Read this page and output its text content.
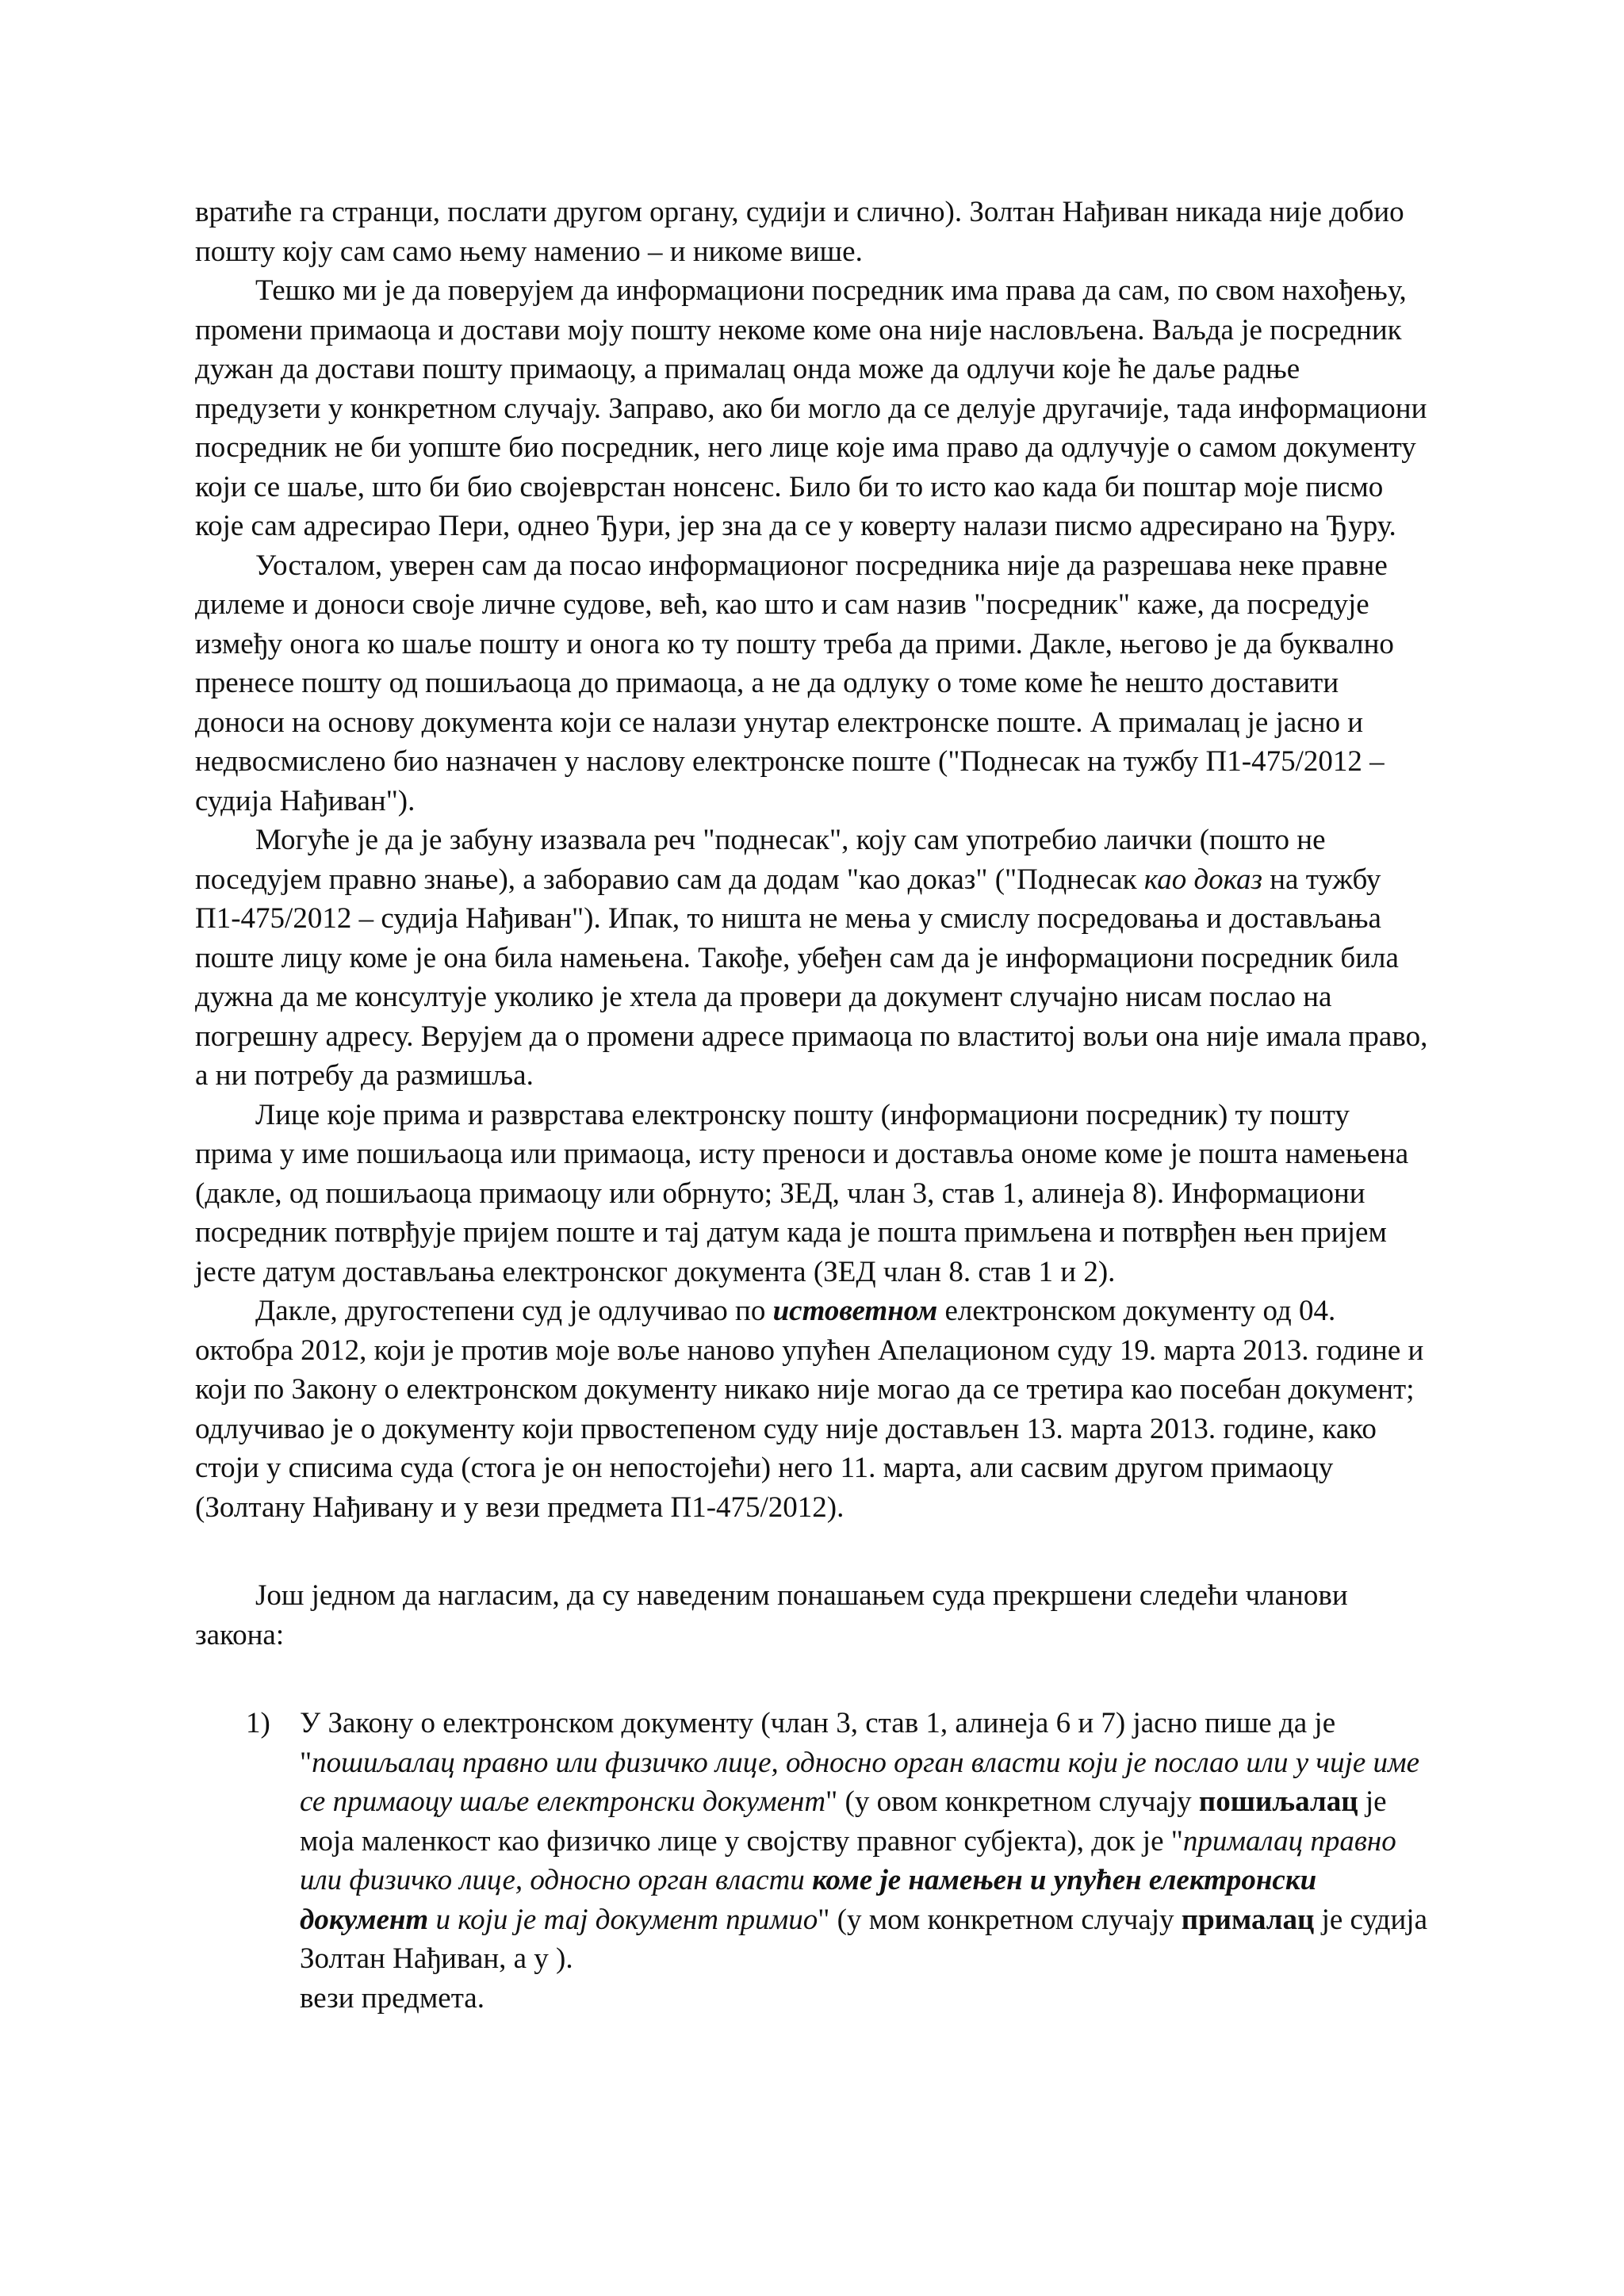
вратиће га странци, послати другом органу, судији и слично). Золтан Нађиван никада није добио пошту коју сам само њему наменио – и никоме више.

Тешко ми је да поверујем да информациони посредник има права да сам, по свом нахођењу, промени примаоца и достави моју пошту некоме коме она није насловљена. Ваљда је посредник дужан да достави пошту примаоцу, а прималац онда може да одлучи које ће даље радње предузети у конкретном случају. Заправо, ако би могло да се делује другачије, тада информациони посредник не би уопште био посредник, него лице које има право да одлучује о самом документу који се шаље, што би био својеврстан нонсенс. Било би то исто као када би поштар моје писмо које сам адресирао Пери, однео Ђури, јер зна да се у коверту налази писмо адресирано на Ђуру.

Уосталом, уверен сам да посао информационог посредника није да разрешава неке правне дилеме и доноси своје личне судове, већ, као што и сам назив "посредник" каже, да посредује између онога ко шаље пошту и онога ко ту пошту треба да прими. Дакле, његово је да буквално пренесе пошту од пошиљаоца до примаоца, а не да одлуку о томе коме ће нешто доставити доноси на основу документа који се налази унутар електронске поште. А прималац је јасно и недвосмислено био назначен у наслову електронске поште ("Поднесак на тужбу П1-475/2012 – судија Нађиван").

Могуће је да је забуну изазвала реч "поднесак", коју сам употребио лаички (пошто не поседујем правно знање), а заборавио сам да додам "као доказ" ("Поднесак као доказ на тужбу П1-475/2012 – судија Нађиван"). Ипак, то ништа не мења у смислу посредовања и достављања поште лицу коме је она била намењена. Такође, убеђен сам да је информациони посредник била дужна да ме консултује уколико је хтела да провери да документ случајно нисам послао на погрешну адресу. Верујем да о промени адресе примаоца по властитој вољи она није имала право, а ни потребу да размишља.

Лице које прима и разврстава електронску пошту (информациони посредник) ту пошту прима у име пошиљаоца или примаоца, исту преноси и доставља ономе коме је пошта намењена (дакле, од пошиљаоца примаоцу или обрнуто; ЗЕД, члан 3, став 1, алинеја 8). Информациони посредник потврђује пријем поште и тај датум када је пошта примљена и потврђен њен пријем јесте датум достављања електронског документа (ЗЕД члан 8. став 1 и 2).

Дакле, другостепени суд је одлучивао по истоветном електронском документу од 04. октобра 2012, који је против моје воље наново упућен Апелационом суду 19. марта 2013. године и који по Закону о електронском документу никако није могао да се третира као посебан документ; одлучивао је о документу који првостепеном суду није достављен 13. марта 2013. године, како стоји у списима суда (стога је он непостојећи) него 11. марта, али сасвим другом примаоцу (Золтану Нађивану и у вези предмета П1-475/2012).

Још једном да нагласим, да су наведеним понашањем суда прекршени следећи чланови закона:

1) У Закону о електронском документу (члан 3, став 1, алинеја 6 и 7) јасно пише да је "пошиљалац правно или физичко лице, односно орган власти који је послао или у чије име се примаоцу шаље електронски документ" (у овом конкретном случају пошиљалац је моја маленкост као физичко лице у својству правног субјекта), док је "прималац правно или физичко лице, односно орган власти коме је намењен и упућен електронски документ и који је тај документ примио" (у мом конкретном случају прималац је судија Золтан Нађиван, а у ).
вези предмета.
